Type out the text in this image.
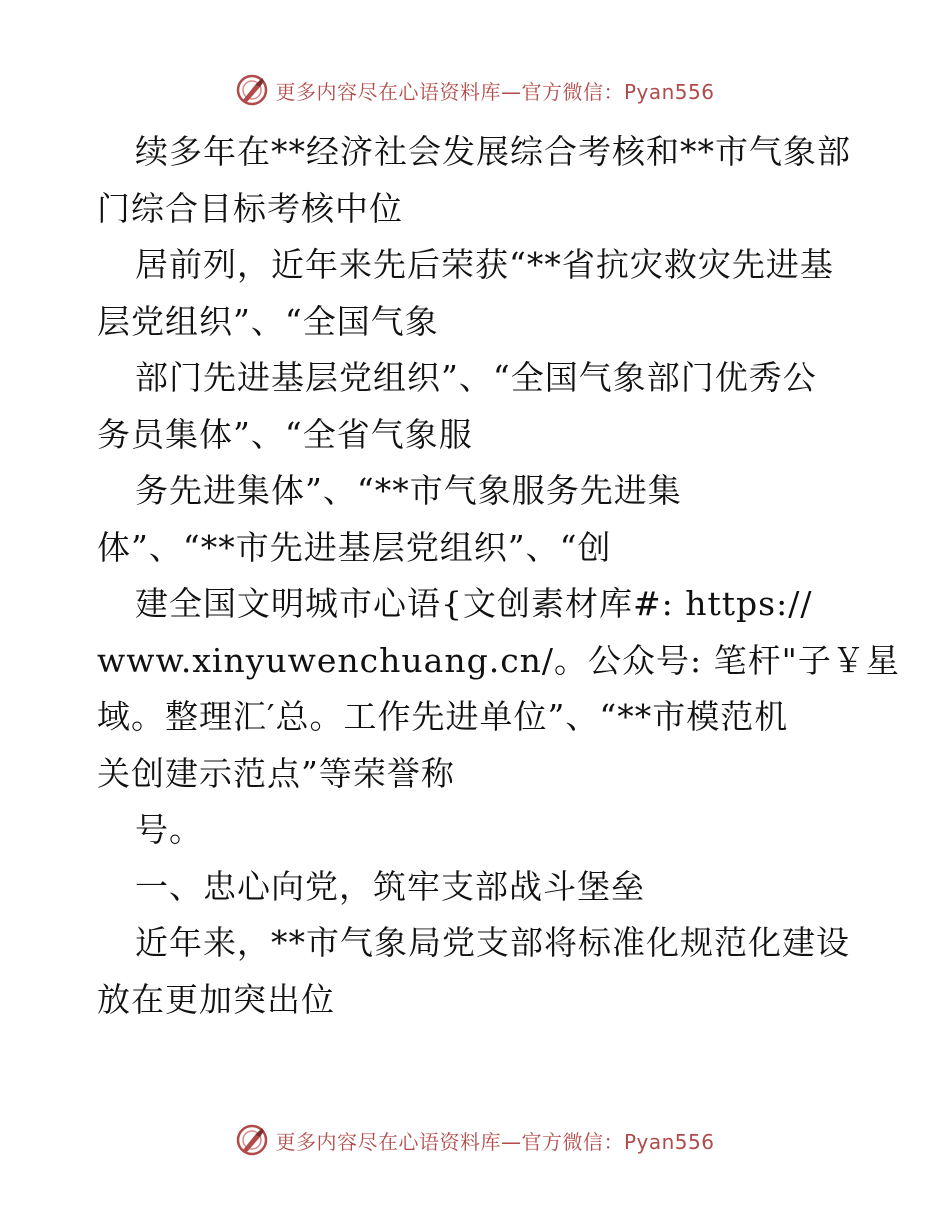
更多内容尽在心语资料库—官方微信：Pyan556
续多年在**经济社会发展综合考核和**市气象部
门综合目标考核中位
居前列，近年来先后荣获“**省抗灾救灾先进基
层党组织”、“全国气象
部门先进基层党组织”、“全国气象部门优秀公
务员集体”、“全省气象服
务先进集体”、“**市气象服务先进集
体”、“**市先进基层党组织”、“创
建全国文明城市心语{文创素材库#: https://
www.xinyuwenchuang.cn/。公众号: 笔杆"子￥星
域。整理汇′总。工作先进单位”、“**市模范机
关创建示范点”等荣誉称
号。
一、忠心向党，筑牢支部战斗堡垒
近年来，**市气象局党支部将标准化规范化建设
放在更加突出位
更多内容尽在心语资料库—官方微信：Pyan556
